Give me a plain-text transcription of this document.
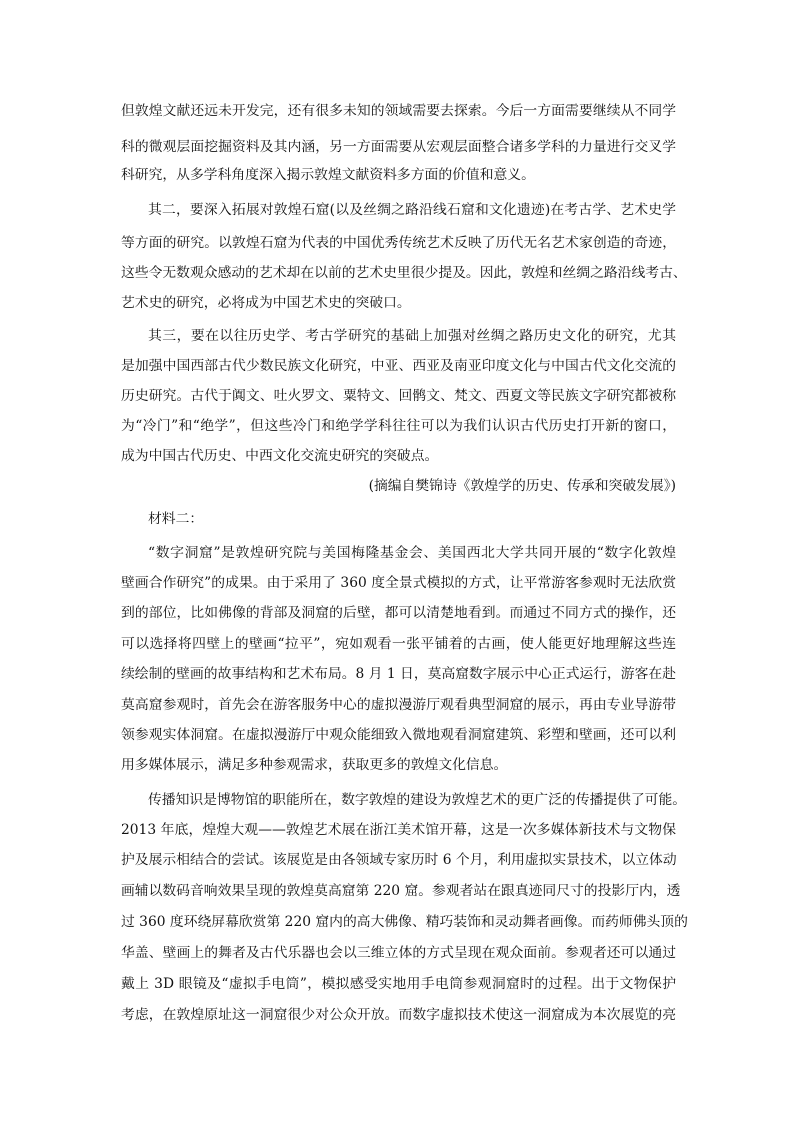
但敦煌文献还远未开发完，还有很多未知的领域需要去探索。今后一方面需要继续从不同学
科的微观层面挖掘资料及其内涵，另一方面需要从宏观层面整合诸多学科的力量进行交叉学
科研究，从多学科角度深入揭示敦煌文献资料多方面的价值和意义。
其二，要深入拓展对敦煌石窟(以及丝绸之路沿线石窟和文化遗迹)在考古学、艺术史学
等方面的研究。以敦煌石窟为代表的中国优秀传统艺术反映了历代无名艺术家创造的奇迹，
这些令无数观众感动的艺术却在以前的艺术史里很少提及。因此，敦煌和丝绸之路沿线考古、
艺术史的研究，必将成为中国艺术史的突破口。
其三，要在以往历史学、考古学研究的基础上加强对丝绸之路历史文化的研究，尤其
是加强中国西部古代少数民族文化研究，中亚、西亚及南亚印度文化与中国古代文化交流的
历史研究。古代于阗文、吐火罗文、粟特文、回鹘文、梵文、西夏文等民族文字研究都被称
为“冷门”和“绝学”，但这些冷门和绝学学科往往可以为我们认识古代历史打开新的窗口，
成为中国古代历史、中西文化交流史研究的突破点。
(摘编自樊锦诗《敦煌学的历史、传承和突破发展》)
材料二：
“数字洞窟”是敦煌研究院与美国梅隆基金会、美国西北大学共同开展的“数字化敦煌
壁画合作研究”的成果。由于采用了 360 度全景式模拟的方式，让平常游客参观时无法欣赏
到的部位，比如佛像的背部及洞窟的后壁，都可以清楚地看到。而通过不同方式的操作，还
可以选择将四壁上的壁画“拉平”，宛如观看一张平铺着的古画，使人能更好地理解这些连
续绘制的壁画的故事结构和艺术布局。8 月 1 日，莫高窟数字展示中心正式运行，游客在赴
莫高窟参观时，首先会在游客服务中心的虚拟漫游厅观看典型洞窟的展示，再由专业导游带
领参观实体洞窟。在虚拟漫游厅中观众能细致入微地观看洞窟建筑、彩塑和壁画，还可以利
用多媒体展示，满足多种参观需求，获取更多的敦煌文化信息。
传播知识是博物馆的职能所在，数字敦煌的建设为敦煌艺术的更广泛的传播提供了可能。
2013 年底，煌煌大观——敦煌艺术展在浙江美术馆开幕，这是一次多媒体新技术与文物保
护及展示相结合的尝试。该展览是由各领域专家历时 6 个月，利用虚拟实景技术，以立体动
画辅以数码音响效果呈现的敦煌莫高窟第 220 窟。参观者站在跟真迹同尺寸的投影厅内，透
过 360 度环绕屏幕欣赏第 220 窟内的高大佛像、精巧装饰和灵动舞者画像。而药师佛头顶的
华盖、壁画上的舞者及古代乐器也会以三维立体的方式呈现在观众面前。参观者还可以通过
戴上 3D 眼镜及“虚拟手电筒”，模拟感受实地用手电筒参观洞窟时的过程。出于文物保护
考虑，在敦煌原址这一洞窟很少对公众开放。而数字虚拟技术使这一洞窟成为本次展览的亮
